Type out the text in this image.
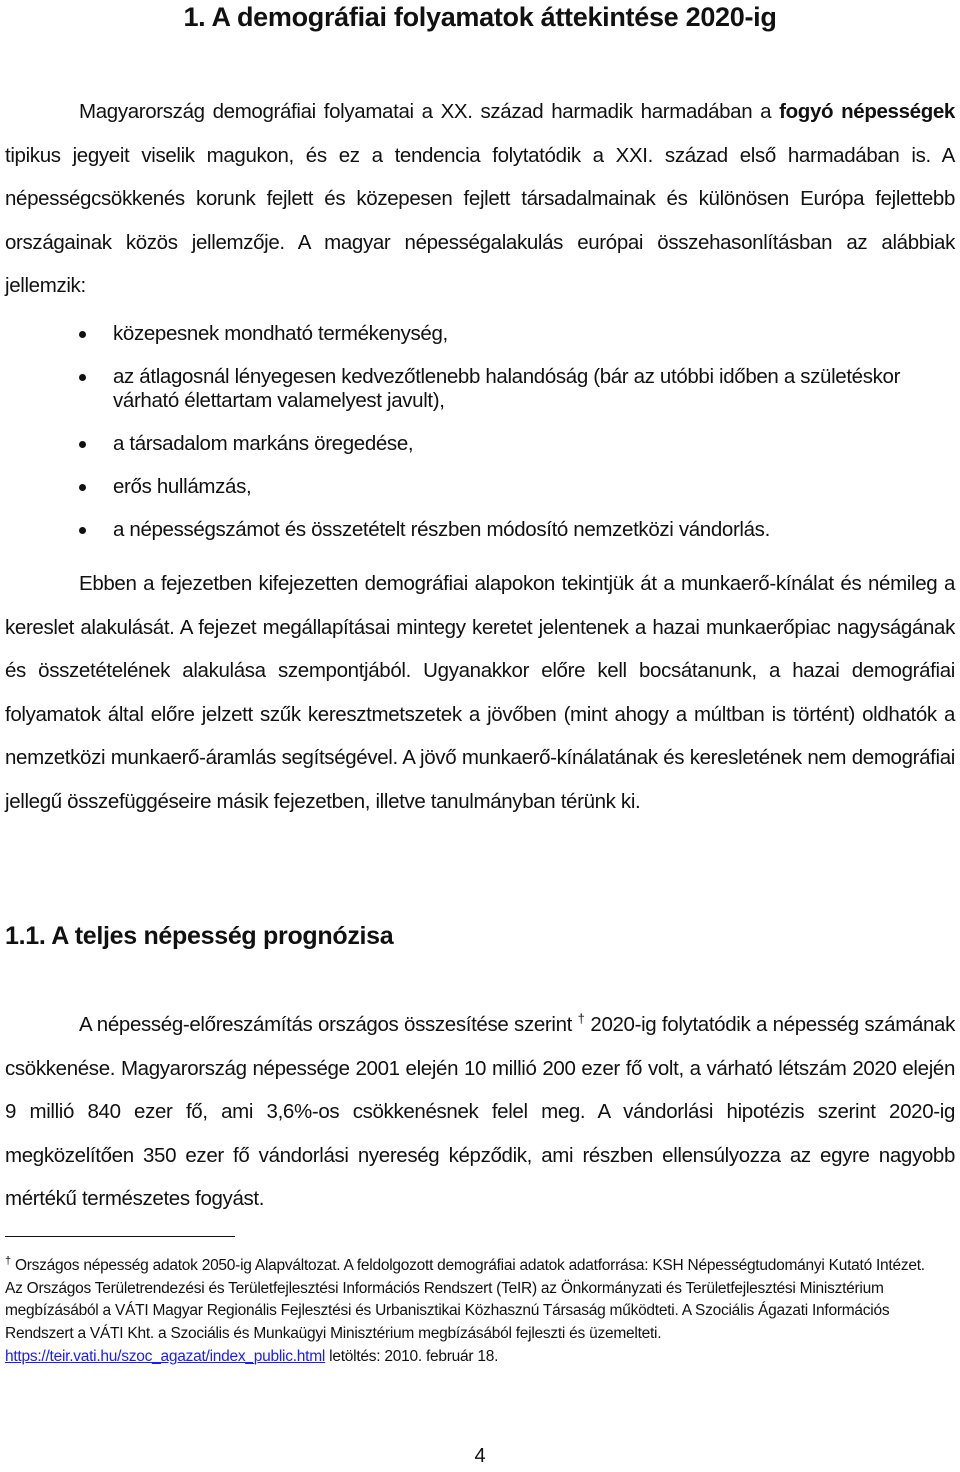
1. A demográfiai folyamatok áttekintése 2020-ig

Magyarország demográfiai folyamatai a XX. század harmadik harmadában a fogyó népességek tipikus jegyeit viselik magukon, és ez a tendencia folytatódik a XXI. század első harmadában is. A népességcsökkenés korunk fejlett és közepesen fejlett társadalmainak és különösen Európa fejlettebb országainak közös jellemzője. A magyar népességalakulás európai összehasonlításban az alábbiak jellemzik:

közepesnek mondható termékenység,
az átlagosnál lényegesen kedvezőtlenebb halandóság (bár az utóbbi időben a születéskor várható élettartam valamelyest javult),
a társadalom markáns öregedése,
erős hullámzás,
a népességszámot és összetételt részben módosító nemzetközi vándorlás.

Ebben a fejezetben kifejezetten demográfiai alapokon tekintjük át a munkaerő-kínálat és némileg a kereslet alakulását. A fejezet megállapításai mintegy keretet jelentenek a hazai munkaerőpiac nagyságának és összetételének alakulása szempontjából. Ugyanakkor előre kell bocsátanunk, a hazai demográfiai folyamatok által előre jelzett szűk keresztmetszetek a jövőben (mint ahogy a múltban is történt) oldhatók a nemzetközi munkaerő-áramlás segítségével. A jövő munkaerő-kínálatának és keresletének nem demográfiai jellegű összefüggéseire másik fejezetben, illetve tanulmányban térünk ki.

1.1. A teljes népesség prognózisa

A népesség-előreszámítás országos összesítése szerint † 2020-ig folytatódik a népesség számának csökkenése. Magyarország népessége 2001 elején 10 millió 200 ezer fő volt, a várható létszám 2020 elején 9 millió 840 ezer fő, ami 3,6%-os csökkenésnek felel meg. A vándorlási hipotézis szerint 2020-ig megközelítően 350 ezer fő vándorlási nyereség képződik, ami részben ellensúlyozza az egyre nagyobb mértékű természetes fogyást.

† Országos népesség adatok 2050-ig Alapváltozat. A feldolgozott demográfiai adatok adatforrása: KSH Népességtudományi Kutató Intézet. Az Országos Területrendezési és Területfejlesztési Információs Rendszert (TeIR) az Önkormányzati és Területfejlesztési Minisztérium megbízásából a VÁTI Magyar Regionális Fejlesztési és Urbanisztikai Közhasznú Társaság működteti. A Szociális Ágazati Információs Rendszert a VÁTI Kht. a Szociális és Munkaügyi Minisztérium megbízásából fejleszti és üzemelteti. https://teir.vati.hu/szoc_agazat/index_public.html letöltés: 2010. február 18.

4
